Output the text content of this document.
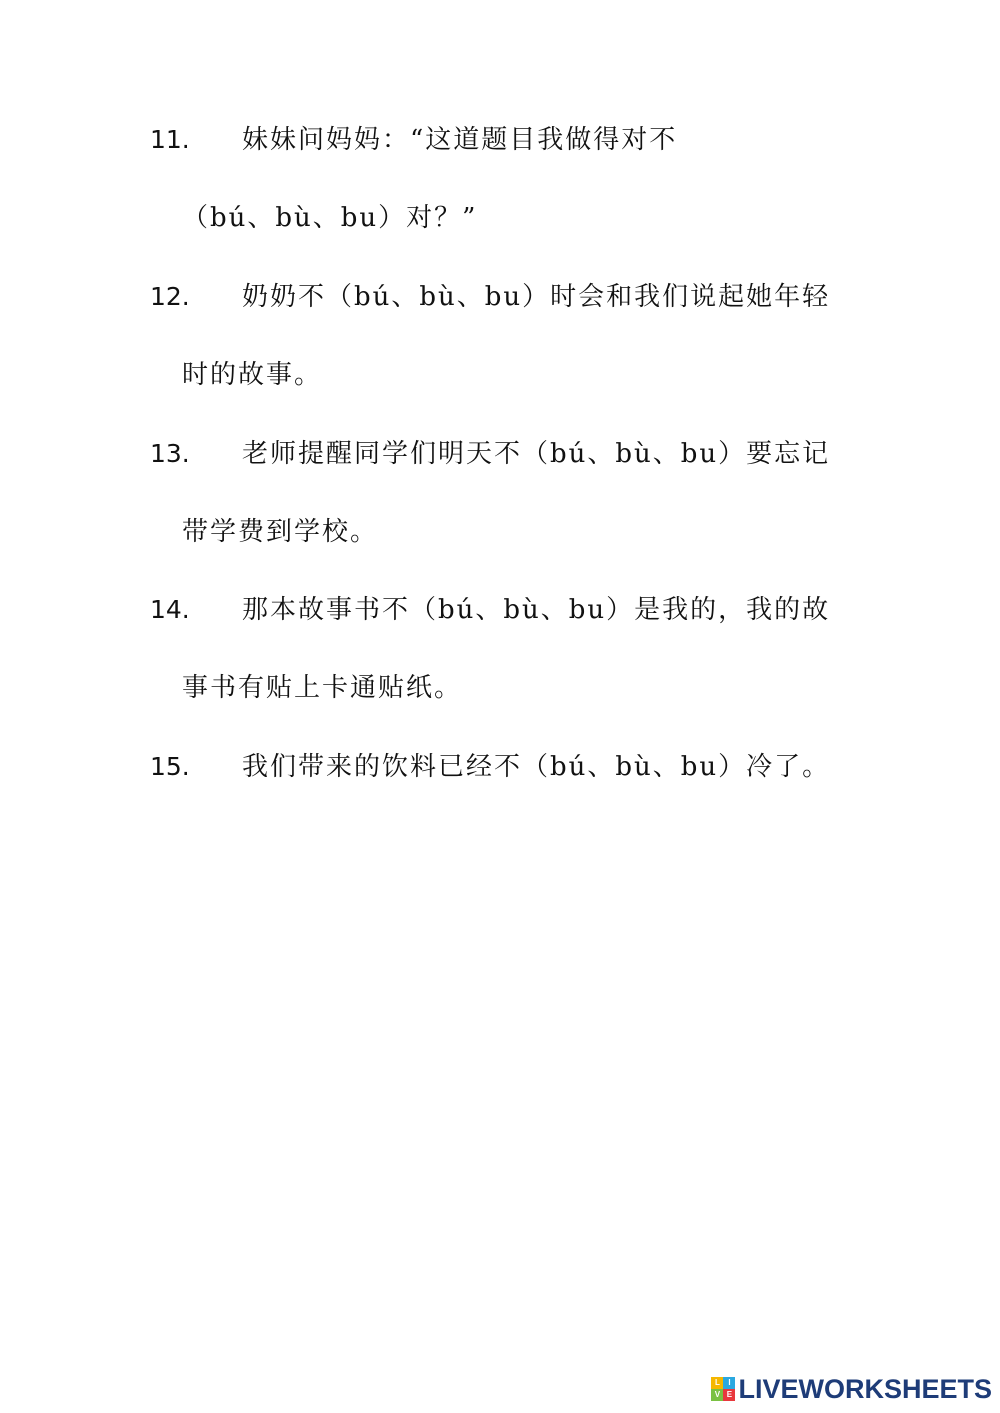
11. 妹妹问妈妈：“这道题目我做得对不
（bú、bù、bu）对？”
12. 奶奶不（bú、bù、bu）时会和我们说起她年轻
时的故事。
13. 老师提醒同学们明天不（bú、bù、bu）要忘记
带学费到学校。
14. 那本故事书不（bú、bù、bu）是我的，我的故
事书有贴上卡通贴纸。
15. 我们带来的饮料已经不（bú、bù、bu）冷了。
L	I
V E LIVEWORKSHEETS
